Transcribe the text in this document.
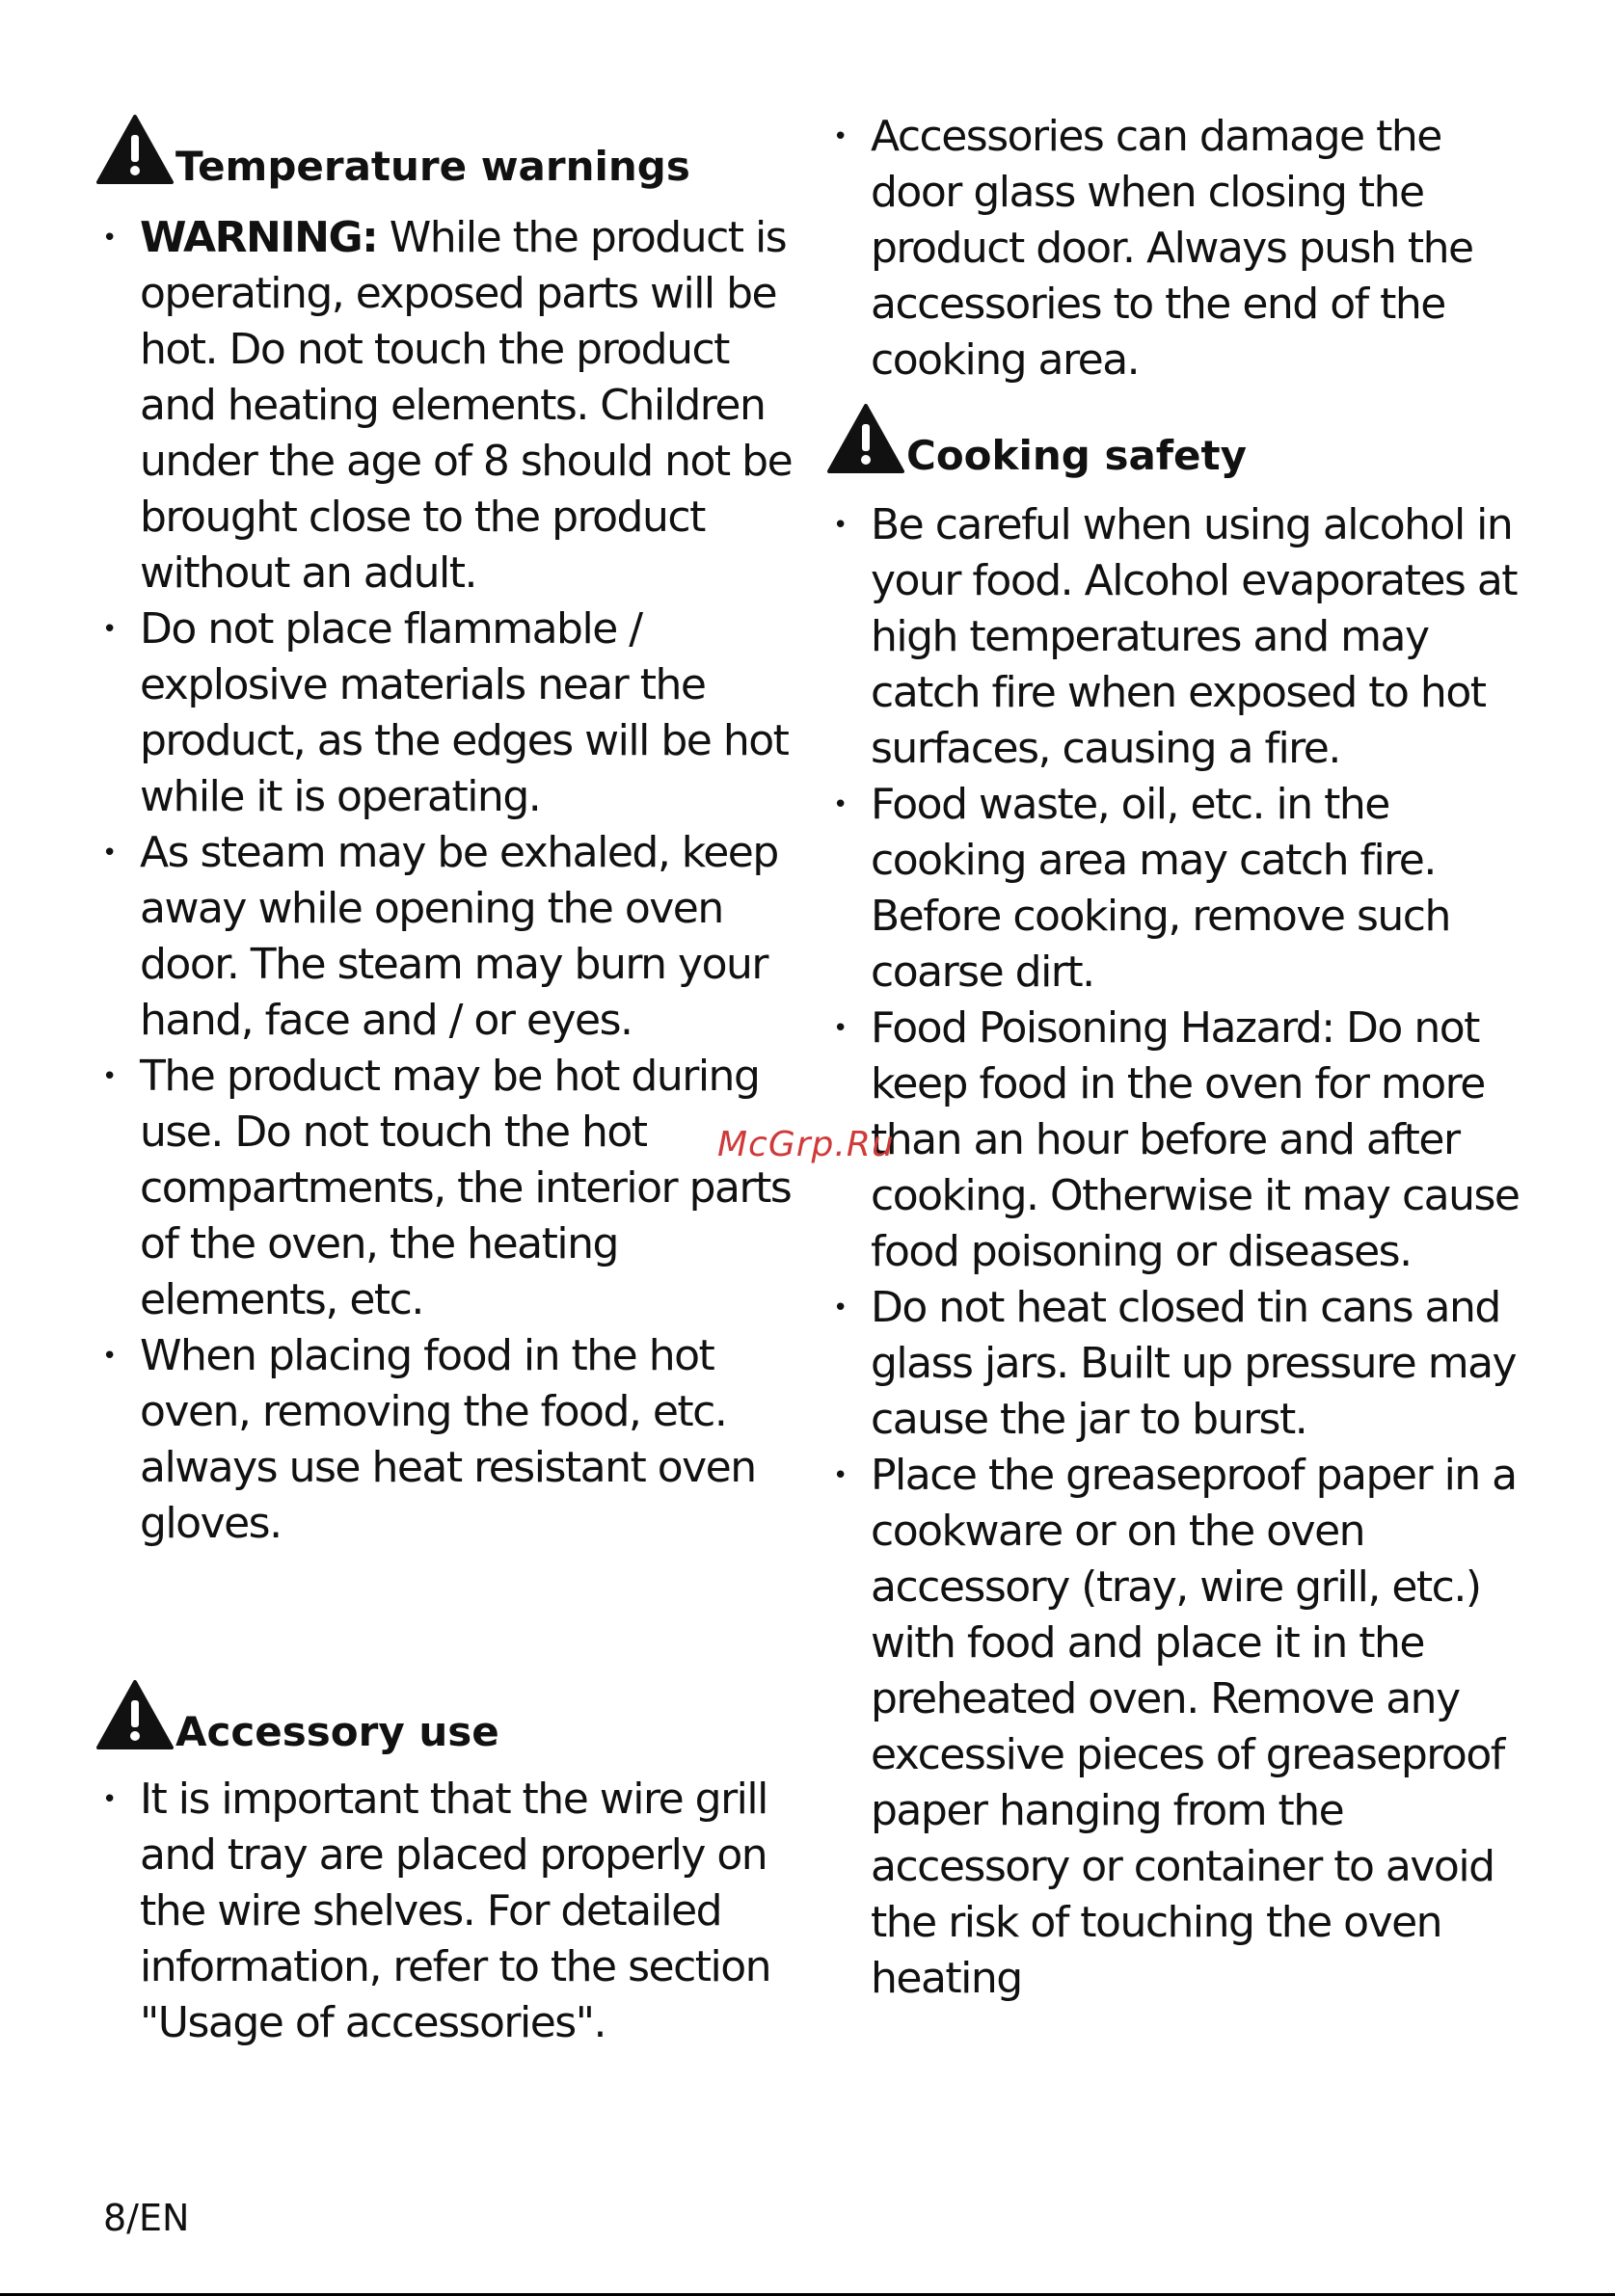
Temperature warnings
• WARNING: While the product is operating, exposed parts will be hot. Do not touch the product and heating elements. Children under the age of 8 should not be brought close to the product without an adult.
• Do not place flammable / explosive materials near the product, as the edges will be hot while it is operating.
• As steam may be exhaled, keep away while opening the oven door. The steam may burn your hand, face and / or eyes.
• The product may be hot during use. Do not touch the hot compartments, the interior parts of the oven, the heating elements, etc.
• When placing food in the hot oven, removing the food, etc. always use heat resistant oven gloves.
Accessory use
• It is important that the wire grill and tray are placed properly on the wire shelves. For detailed information, refer to the section "Usage of accessories".
• Accessories can damage the door glass when closing the product door. Always push the accessories to the end of the cooking area.
Cooking safety
• Be careful when using alcohol in your food. Alcohol evaporates at high temperatures and may catch fire when exposed to hot surfaces, causing a fire.
• Food waste, oil, etc. in the cooking area may catch fire. Before cooking, remove such coarse dirt.
• Food Poisoning Hazard: Do not keep food in the oven for more than an hour before and after cooking. Otherwise it may cause food poisoning or diseases.
• Do not heat closed tin cans and glass jars. Built up pressure may cause the jar to burst.
• Place the greaseproof paper in a cookware or on the oven accessory (tray, wire grill, etc.) with food and place it in the preheated oven. Remove any excessive pieces of greaseproof paper hanging from the accessory or container to avoid the risk of touching the oven heating
McGrp.Ru
8/EN
